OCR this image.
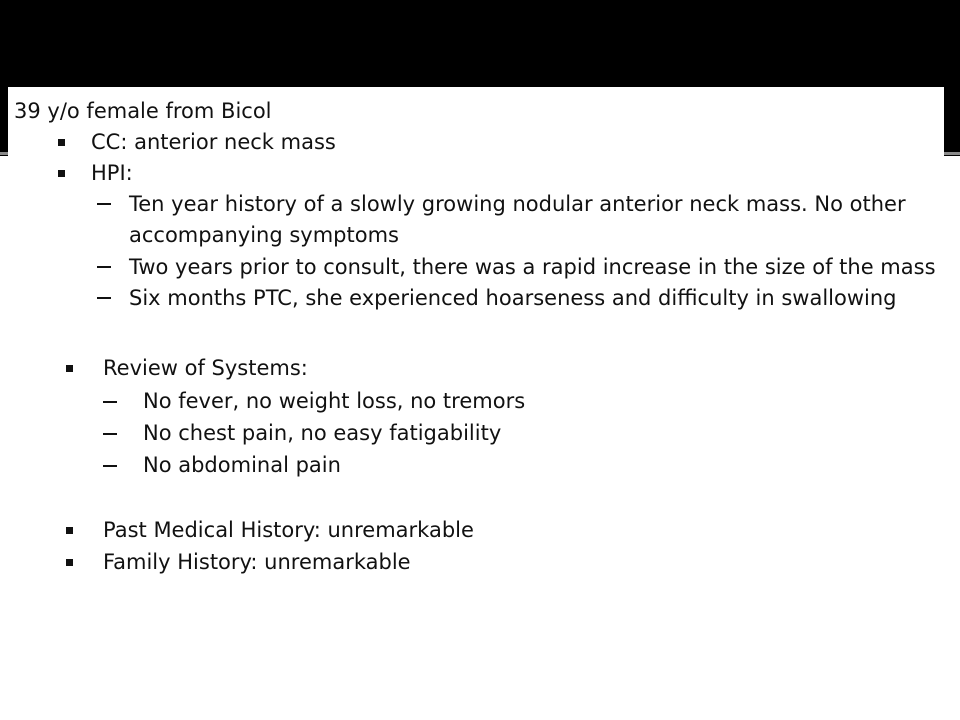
39 y/o female from Bicol
CC: anterior neck mass
HPI:
Ten year history of a slowly growing nodular anterior neck mass. No other
accompanying symptoms
Two years prior to consult, there was a rapid increase in the size of the mass
Six months PTC, she experienced hoarseness and difficulty in swallowing
Review of Systems:
No fever, no weight loss, no tremors
No chest pain, no easy fatigability
No abdominal pain
Past Medical History: unremarkable
Family History: unremarkable
